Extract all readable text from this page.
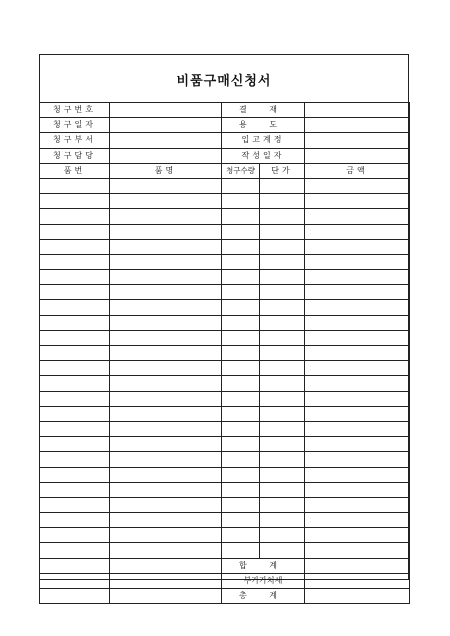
비품구매신청서
청구번호		결 재		
청구일자		용 도		
청구부서		입고계정		
청구담당		작성일자		
품번	품명	청구수량	단가	금액

		합 계		
		부가가치세		
		총 계		
